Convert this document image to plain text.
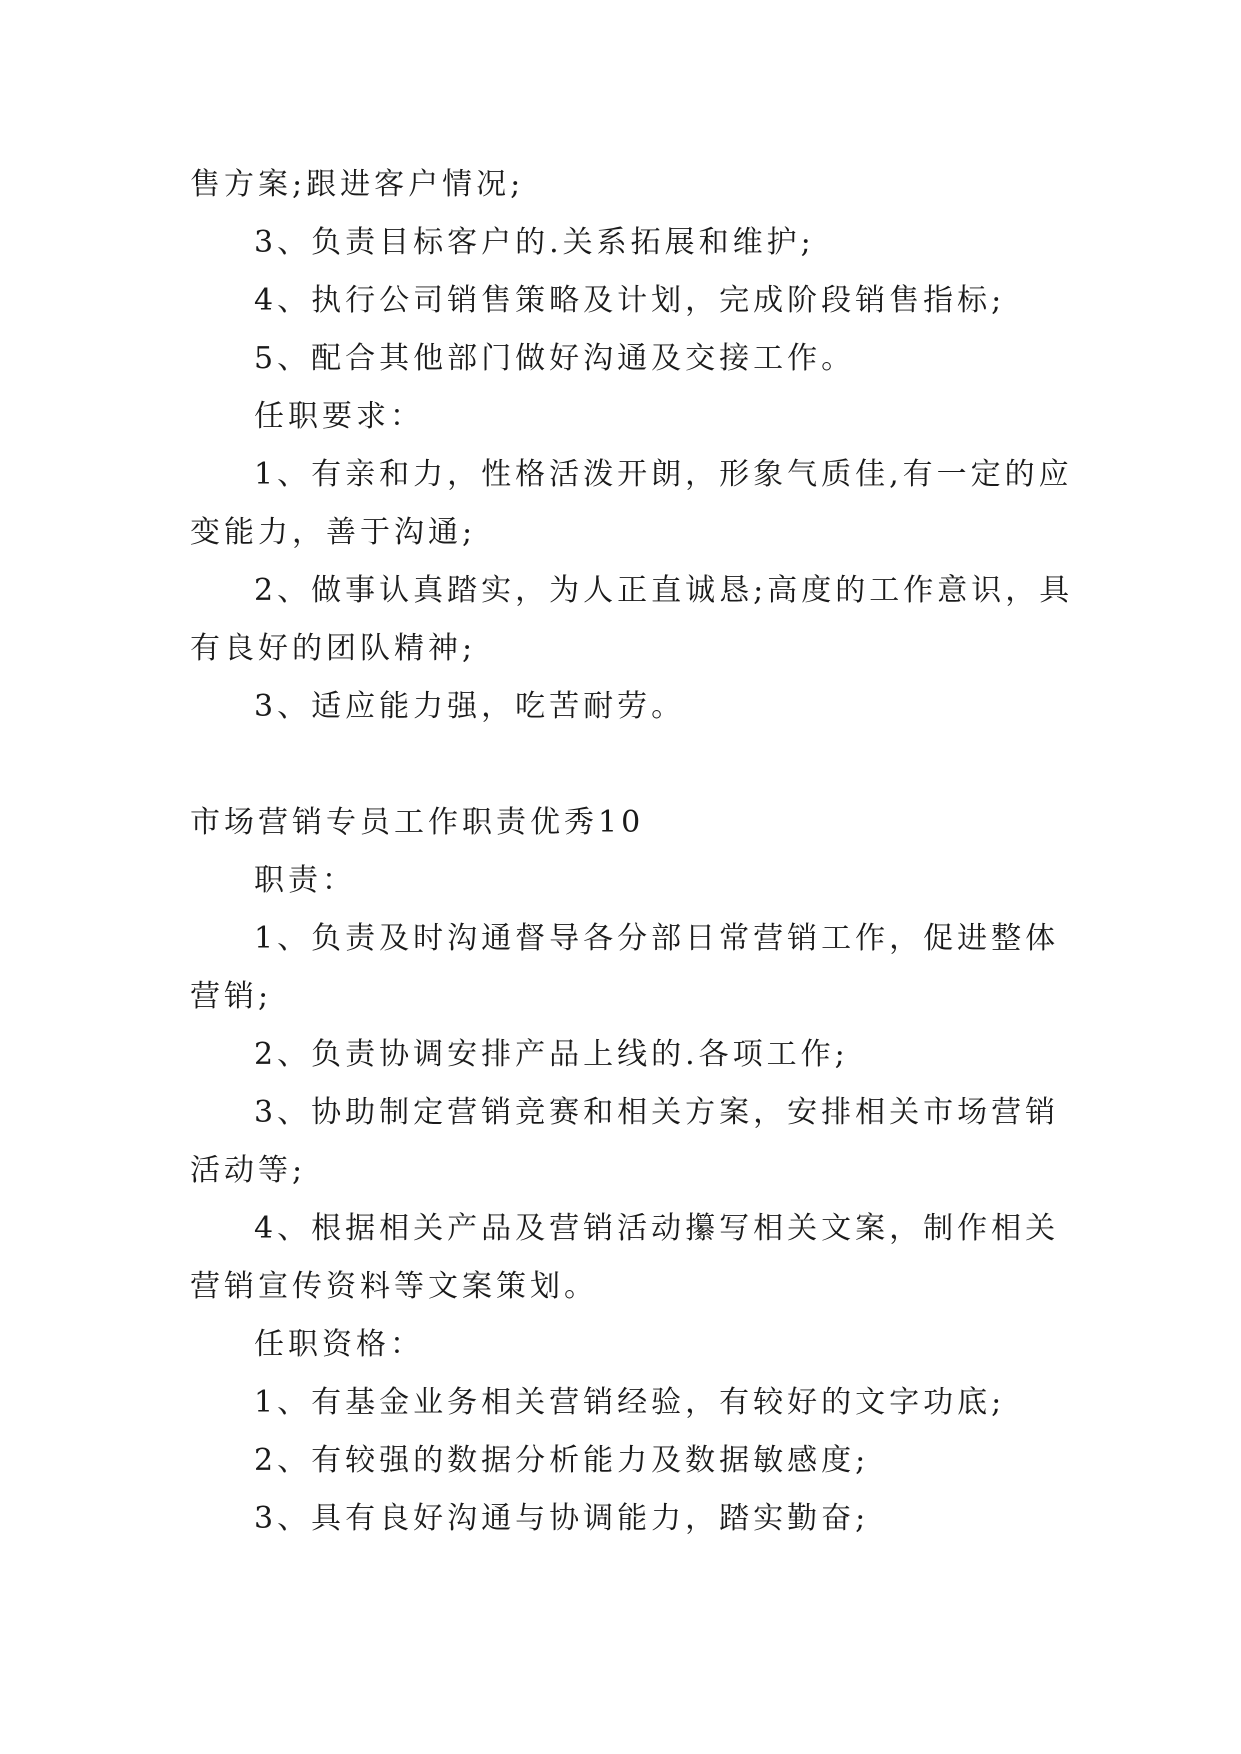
售方案;跟进客户情况;
3、负责目标客户的.关系拓展和维护;
4、执行公司销售策略及计划，完成阶段销售指标;
5、配合其他部门做好沟通及交接工作。
任职要求：
1、有亲和力，性格活泼开朗，形象气质佳,有一定的应
变能力，善于沟通;
2、做事认真踏实，为人正直诚恳;高度的工作意识，具
有良好的团队精神;
3、适应能力强，吃苦耐劳。
市场营销专员工作职责优秀10
职责：
1、负责及时沟通督导各分部日常营销工作，促进整体
营销;
2、负责协调安排产品上线的.各项工作;
3、协助制定营销竞赛和相关方案，安排相关市场营销
活动等;
4、根据相关产品及营销活动攥写相关文案，制作相关
营销宣传资料等文案策划。
任职资格：
1、有基金业务相关营销经验，有较好的文字功底;
2、有较强的数据分析能力及数据敏感度;
3、具有良好沟通与协调能力，踏实勤奋;
